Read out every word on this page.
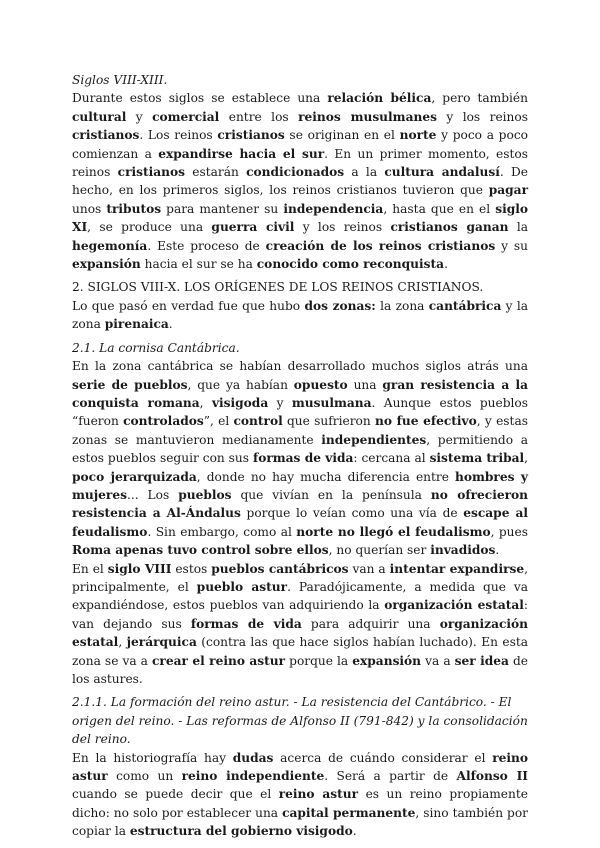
Siglos VIII-XIII.

Durante estos siglos se establece una relación bélica, pero también cultural y comercial entre los reinos musulmanes y los reinos cristianos. Los reinos cristianos se originan en el norte y poco a poco comienzan a expandirse hacia el sur. En un primer momento, estos reinos cristianos estarán condicionados a la cultura andalusí. De hecho, en los primeros siglos, los reinos cristianos tuvieron que pagar unos tributos para mantener su independencia, hasta que en el siglo XI, se produce una guerra civil y los reinos cristianos ganan la hegemonía. Este proceso de creación de los reinos cristianos y su expansión hacia el sur se ha conocido como reconquista.

2. SIGLOS VIII-X. LOS ORÍGENES DE LOS REINOS CRISTIANOS.

Lo que pasó en verdad fue que hubo dos zonas: la zona cantábrica y la zona pirenaica.

2.1. La cornisa Cantábrica.

En la zona cantábrica se habían desarrollado muchos siglos atrás una serie de pueblos, que ya habían opuesto una gran resistencia a la conquista romana, visigoda y musulmana. Aunque estos pueblos “fueron controlados”, el control que sufrieron no fue efectivo, y estas zonas se mantuvieron medianamente independientes, permitiendo a estos pueblos seguir con sus formas de vida: cercana al sistema tribal, poco jerarquizada, donde no hay mucha diferencia entre hombres y mujeres... Los pueblos que vivían en la península no ofrecieron resistencia a Al-Ándalus porque lo veían como una vía de escape al feudalismo. Sin embargo, como al norte no llegó el feudalismo, pues Roma apenas tuvo control sobre ellos, no querían ser invadidos.

En el siglo VIII estos pueblos cantábricos van a intentar expandirse, principalmente, el pueblo astur. Paradójicamente, a medida que va expandiéndose, estos pueblos van adquiriendo la organización estatal: van dejando sus formas de vida para adquirir una organización estatal, jerárquica (contra las que hace siglos habían luchado). En esta zona se va a crear el reino astur porque la expansión va a ser idea de los astures.

2.1.1. La formación del reino astur. - La resistencia del Cantábrico. - El origen del reino. - Las reformas de Alfonso II (791-842) y la consolidación del reino.

En la historiografía hay dudas acerca de cuándo considerar el reino astur como un reino independiente. Será a partir de Alfonso II cuando se puede decir que el reino astur es un reino propiamente dicho: no solo por establecer una capital permanente, sino también por copiar la estructura del gobierno visigodo.
